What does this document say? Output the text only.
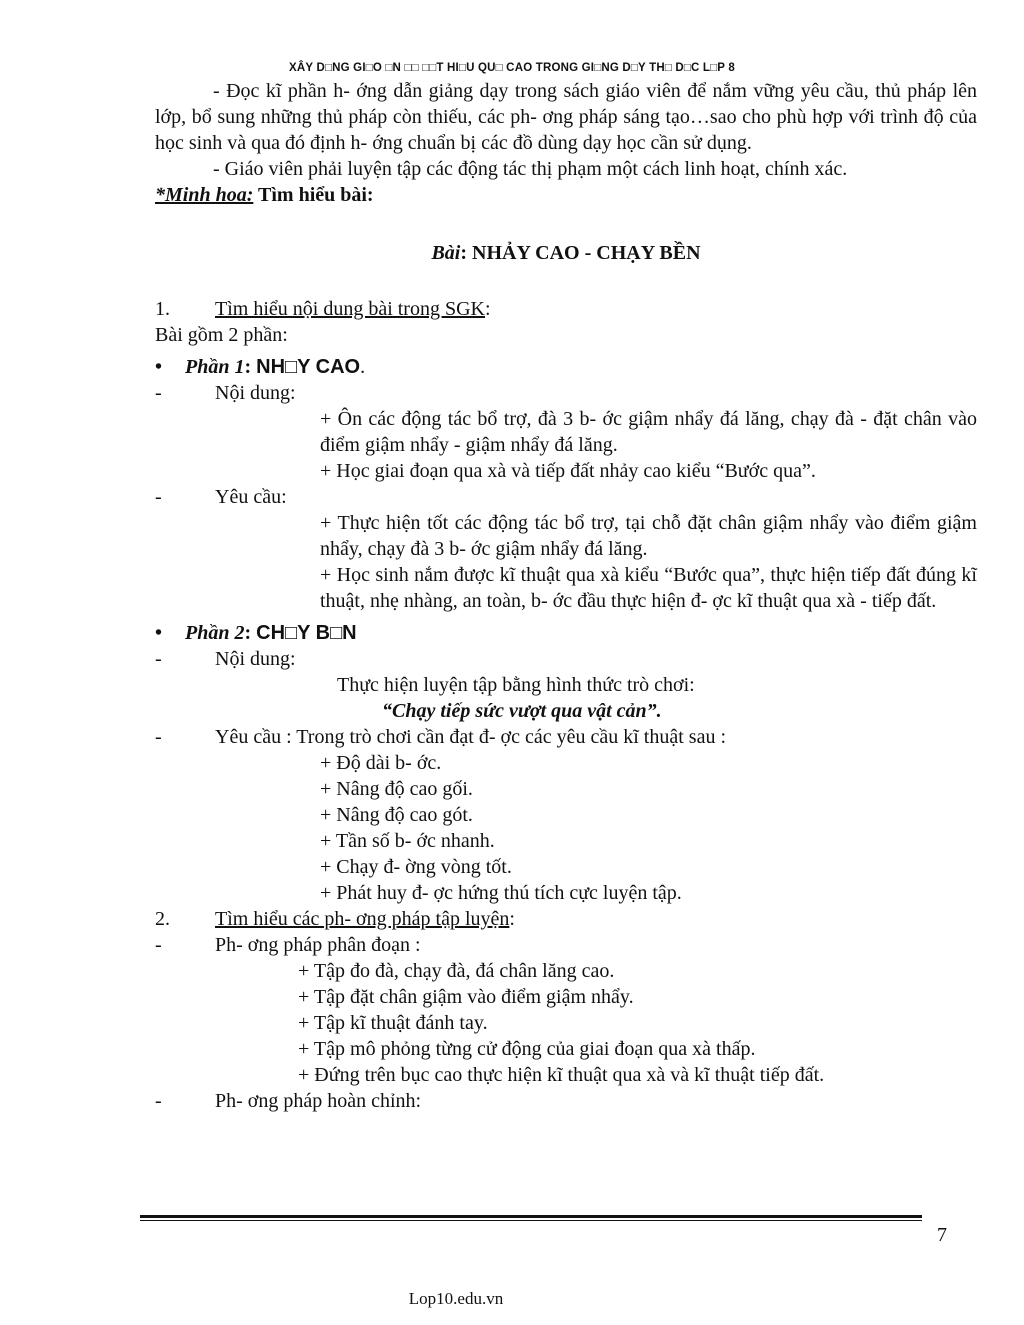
XÂY D□NG GI□O □N □□ □□T HI□U QU□ CAO TRONG GI□NG D□Y TH□ D□C L□P 8
- Đọc kĩ phần h- ớng dẫn giảng dạy trong sách giáo viên để nắm vững yêu cầu, thủ pháp lên lớp, bổ sung những thủ pháp còn thiếu, các ph- ơng pháp sáng tạo…sao cho phù hợp với trình độ của học sinh và qua đó định h- ớng chuẩn bị các đồ dùng dạy học cần sử dụng.
- Giáo viên phải luyện tập các động tác thị phạm một cách linh hoạt, chính xác.
*Minh hoa: Tìm hiểu bài:
Bài: NHẢY CAO - CHẠY BỀN
1. Tìm hiểu nội dung bài trong SGK:
Bài gồm 2 phần:
• Phần 1: NH□Y CAO.
-	Nội dung:
+ Ôn các động tác bổ trợ, đà 3 b- ớc giậm nhẩy đá lăng, chạy đà - đặt chân vào điểm giậm nhẩy - giậm nhẩy đá lăng.
+ Học giai đoạn qua xà và tiếp đất nhảy cao kiểu “Bước qua”.
-	Yêu cầu:
+ Thực hiện tốt các động tác bổ trợ, tại chỗ đặt chân giậm nhẩy vào điểm giậm nhẩy, chạy đà 3 b- ớc giậm nhẩy đá lăng.
+ Học sinh nắm được kĩ thuật qua xà kiểu “Bước qua”, thực hiện tiếp đất đúng kĩ thuật, nhẹ nhàng, an toàn, b- ớc đầu thực hiện đ- ợc kĩ thuật qua xà - tiếp đất.
• Phần 2: CH□Y B□N
-	Nội dung:
Thực hiện luyện tập bằng hình thức trò chơi:
“Chạy tiếp sức vượt qua vật cản”.
-	Yêu cầu : Trong trò chơi cần đạt đ- ợc các yêu cầu kĩ thuật sau :
+ Độ dài b- ớc.
+ Nâng độ cao gối.
+ Nâng độ cao gót.
+ Tần số b- ớc nhanh.
+ Chạy đ- ờng vòng tốt.
+ Phát huy đ- ợc hứng thú tích cực luyện tập.
2. Tìm hiểu các ph- ơng pháp tập luyện:
-	Ph- ơng pháp phân đoạn :
+ Tập đo đà, chạy đà, đá chân lăng cao.
+ Tập đặt chân giậm vào điểm giậm nhẩy.
+ Tập kĩ thuật đánh tay.
+ Tập mô phỏng từng cử động của giai đoạn qua xà thấp.
+ Đứng trên bục cao thực hiện kĩ thuật qua xà và kĩ thuật tiếp đất.
-	Ph- ơng pháp hoàn chỉnh:
7
Lop10.edu.vn
